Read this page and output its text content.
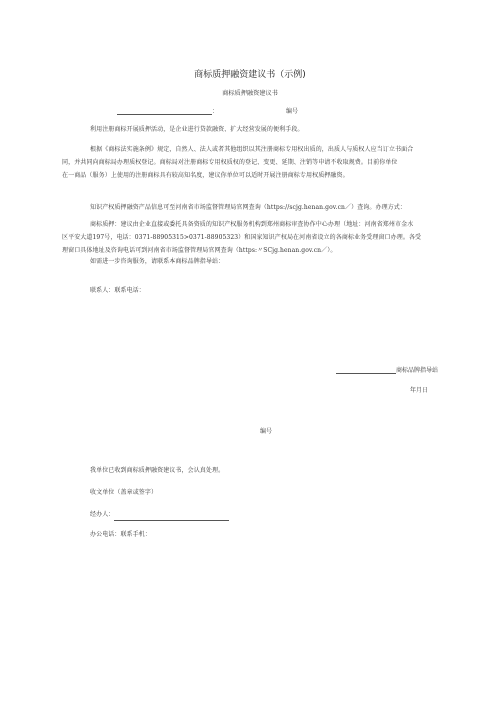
商标质押融资建议书（示例)
商标质押融资建议书
：	编号
利用注册商标开展质押活动，是企业进行贷款融资、扩大经营发展的便利手段。
根据《商标法实施条例》规定，自然人、法人或者其他组织以其注册商标专用权出质的，出质人与质权人应当订立书面合
同，并共同向商标局办理质权登记。商标局对注册商标专用权质权的登记、变更、延期、注销等申请不收取规费。目前你单位
在一商品（服务）上使用的注册商标具有较高知名度，建议你单位可以适时开展注册商标专用权质押融资。
知识产权质押融资产品信息可至河南省市场监督管理局官网查询（https://scjg.henan.gov.cn／）查询。办理方式：
商标质押：建议由企业直接或委托具备资质的知识产权服务机构到郑州商标审查协作中心办理（地址：河南省郑州市金水
区平安大道197号，电话：0371-88905315>0371-88905323）和国家知识产权局在河南省设立的各商标业务受理窗口办理。各受
理窗口具体地址及咨询电话可到河南省市场监督管理局官网查询（https:〃SCjg.henan.gov.cn／）。
如需进一步咨询服务，请联系本商标品牌指导站：
联系人：联系电话：
商标品牌指导站
年月日
编号
我单位已收到商标质押融资建议书，会认真处理。
收文单位（盖章或签字）
经办人：
办公电话：联系手机：
